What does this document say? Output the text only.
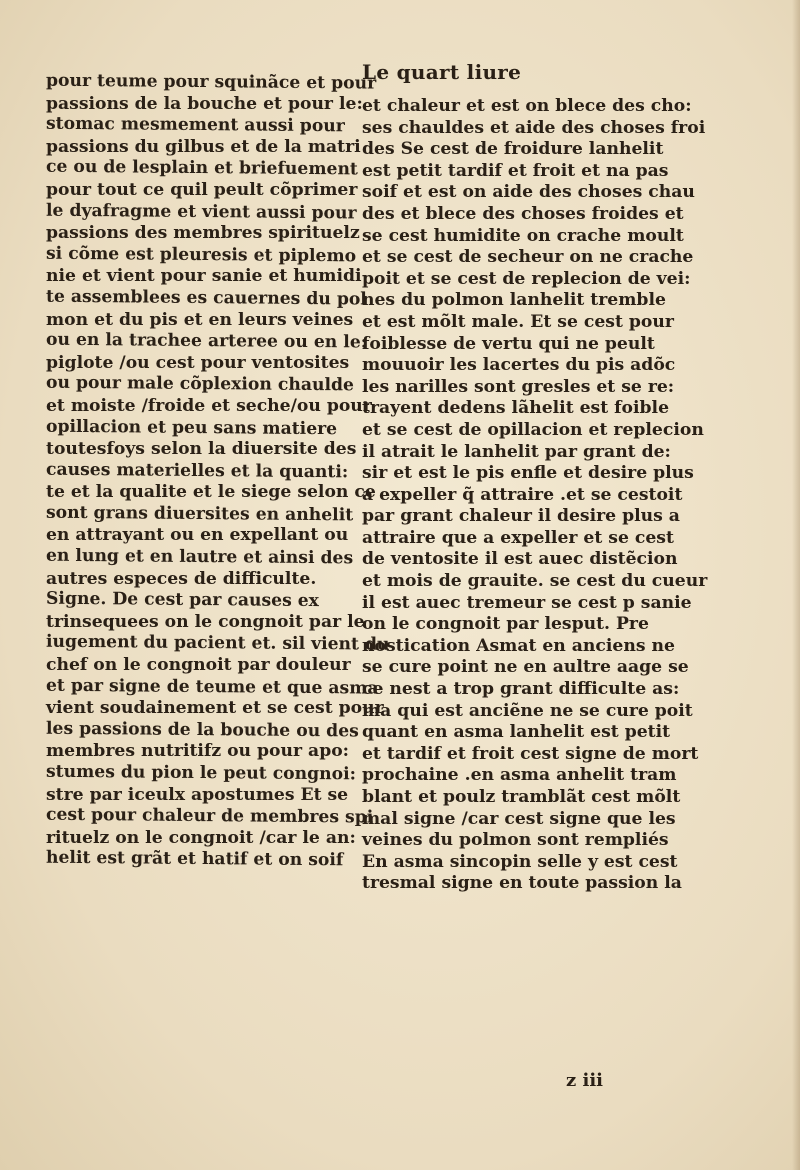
Le quart liure
pour teume pour squinãce et pour
passions de la bouche et pour le:
stomac mesmement aussi pour
passions du gilbus et de la matri
ce ou de lesplain et briefuement
pour tout ce quil peult cõprimer
le dyafragme et vient aussi pour
passions des membres spirituelz
si cõme est pleuresis et piplemo
nie et vient pour sanie et humidi
te assemblees es cauernes du pol
mon et du pis et en leurs veines
ou en la trachee arteree ou en le:
piglote /ou cest pour ventosites
ou pour male cõplexion chaulde
et moiste /froide et seche/ou pour
opillacion et peu sans matiere
toutesfoys selon la diuersite des
causes materielles et la quanti:
te et la qualite et le siege selon ce
sont grans diuersites en anhelit
en attrayant ou en expellant ou
en lung et en lautre et ainsi des
autres especes de difficulte.
Signe. De cest par causes ex
trinsequees on le congnoit par le
iugement du pacient et. sil vient du
chef on le congnoit par douleur
et par signe de teume et que asma
vient soudainement et se cest pour
les passions de la bouche ou des
membres nutritifz ou pour apo:
stumes du pion le peut congnoi:
stre par iceulx apostumes Et se
cest pour chaleur de membres spi
rituelz on le congnoit /car le an:
helit est grãt et hatif et on soif
et chaleur et est on blece des cho:
ses chauldes et aide des choses froi
des Se cest de froidure lanhelit
est petit tardif et froit et na pas
soif et est on aide des choses chau
des et blece des choses froides et
se cest humidite on crache moult
et se cest de secheur on ne crache
poit et se cest de replecion de vei:
nes du polmon lanhelit tremble
et est mõlt male. Et se cest pour
foiblesse de vertu qui ne peult
mouuoir les lacertes du pis adõc
les narilles sont gresles et se re:
trayent dedens lãhelit est foible
et se cest de opillacion et replecion
il atrait le lanhelit par grant de:
sir et est le pis enfle et desire plus
a expeller q̃ attraire .et se cestoit
par grant chaleur il desire plus a
attraire que a expeller et se cest
de ventosite il est auec distẽcion
et mois de grauite. se cest du cueur
il est auec tremeur se cest p sanie
on le congnoit par lesput. Pre
nostication Asmat en anciens ne
se cure point ne en aultre aage se
ce nest a trop grant difficulte as:
ma qui est anciẽne ne se cure poit
quant en asma lanhelit est petit
et tardif et froit cest signe de mort
prochaine .en asma anhelit tram
blant et poulz tramblãt cest mõlt
mal signe /car cest signe que les
veines du polmon sont rempliés
En asma sincopin selle y est cest
tresmal signe en toute passion la
z iii
